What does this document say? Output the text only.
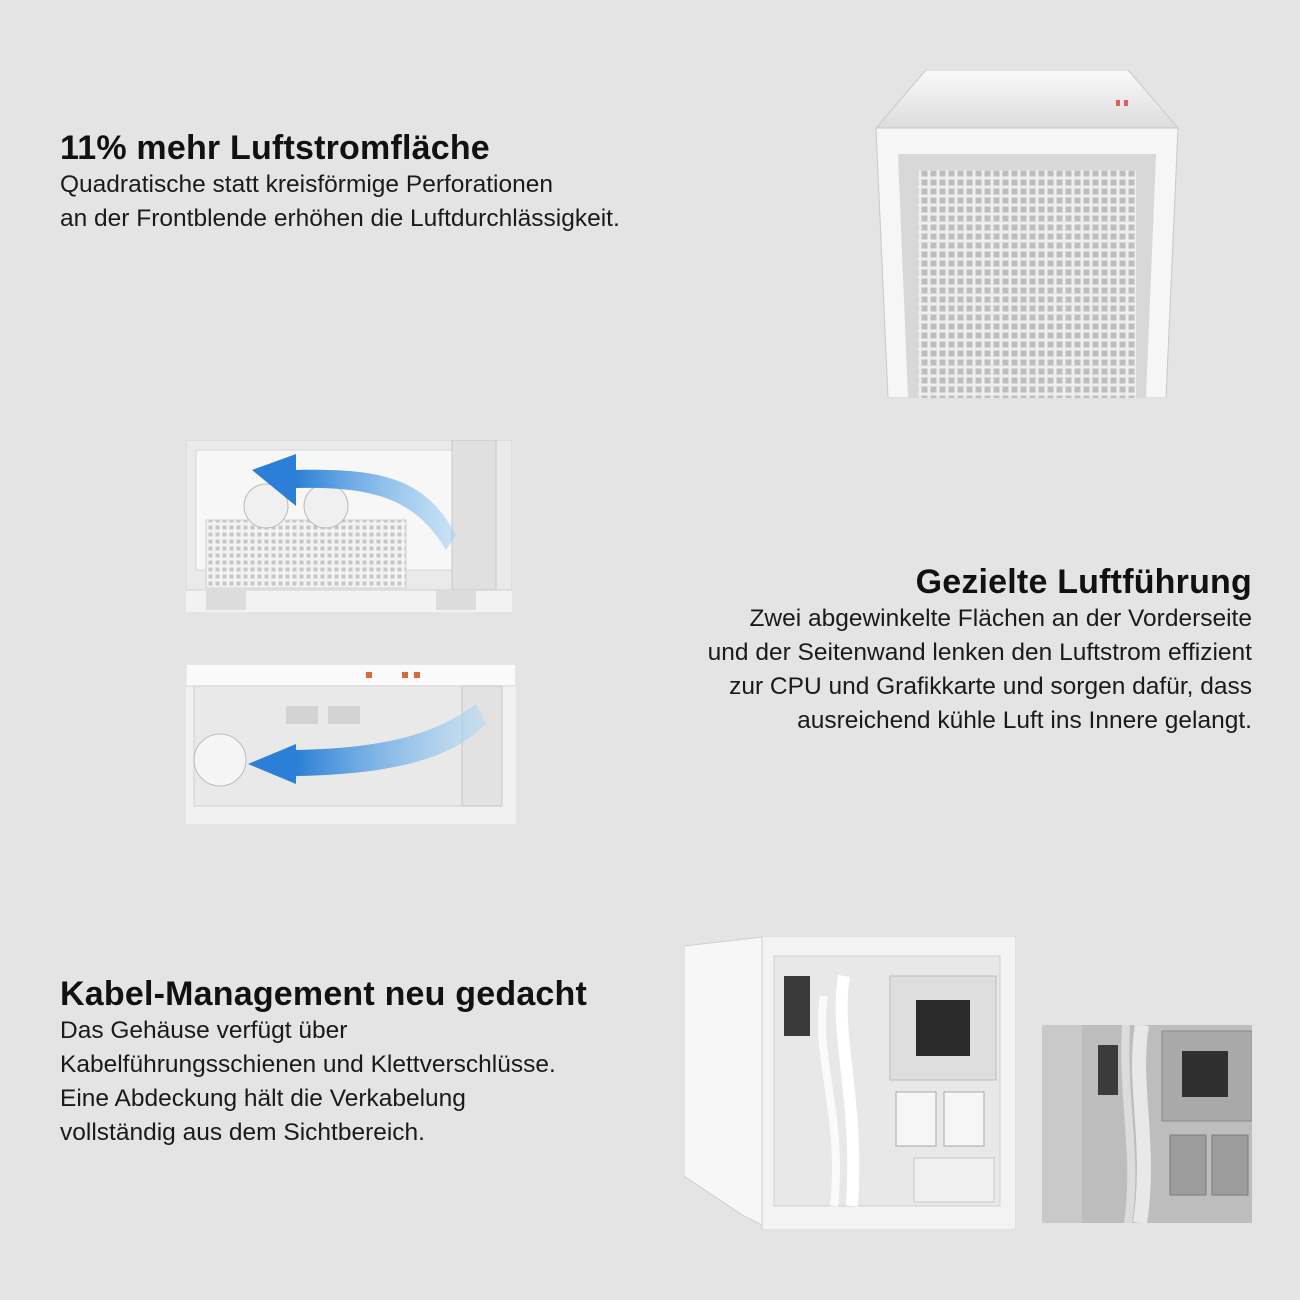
11% mehr Luftstromfläche

Quadratische statt kreisförmige Perforationen
an der Frontblende erhöhen die Luftdurchlässigkeit.

Gezielte Luftführung

Zwei abgewinkelte Flächen an der Vorderseite
und der Seitenwand lenken den Luftstrom effizient
zur CPU und Grafikkarte und sorgen dafür, dass
ausreichend kühle Luft ins Innere gelangt.

Kabel-Management neu gedacht

Das Gehäuse verfügt über
Kabelführungsschienen und Klettverschlüsse.
Eine Abdeckung hält die Verkabelung
vollständig aus dem Sichtbereich.
